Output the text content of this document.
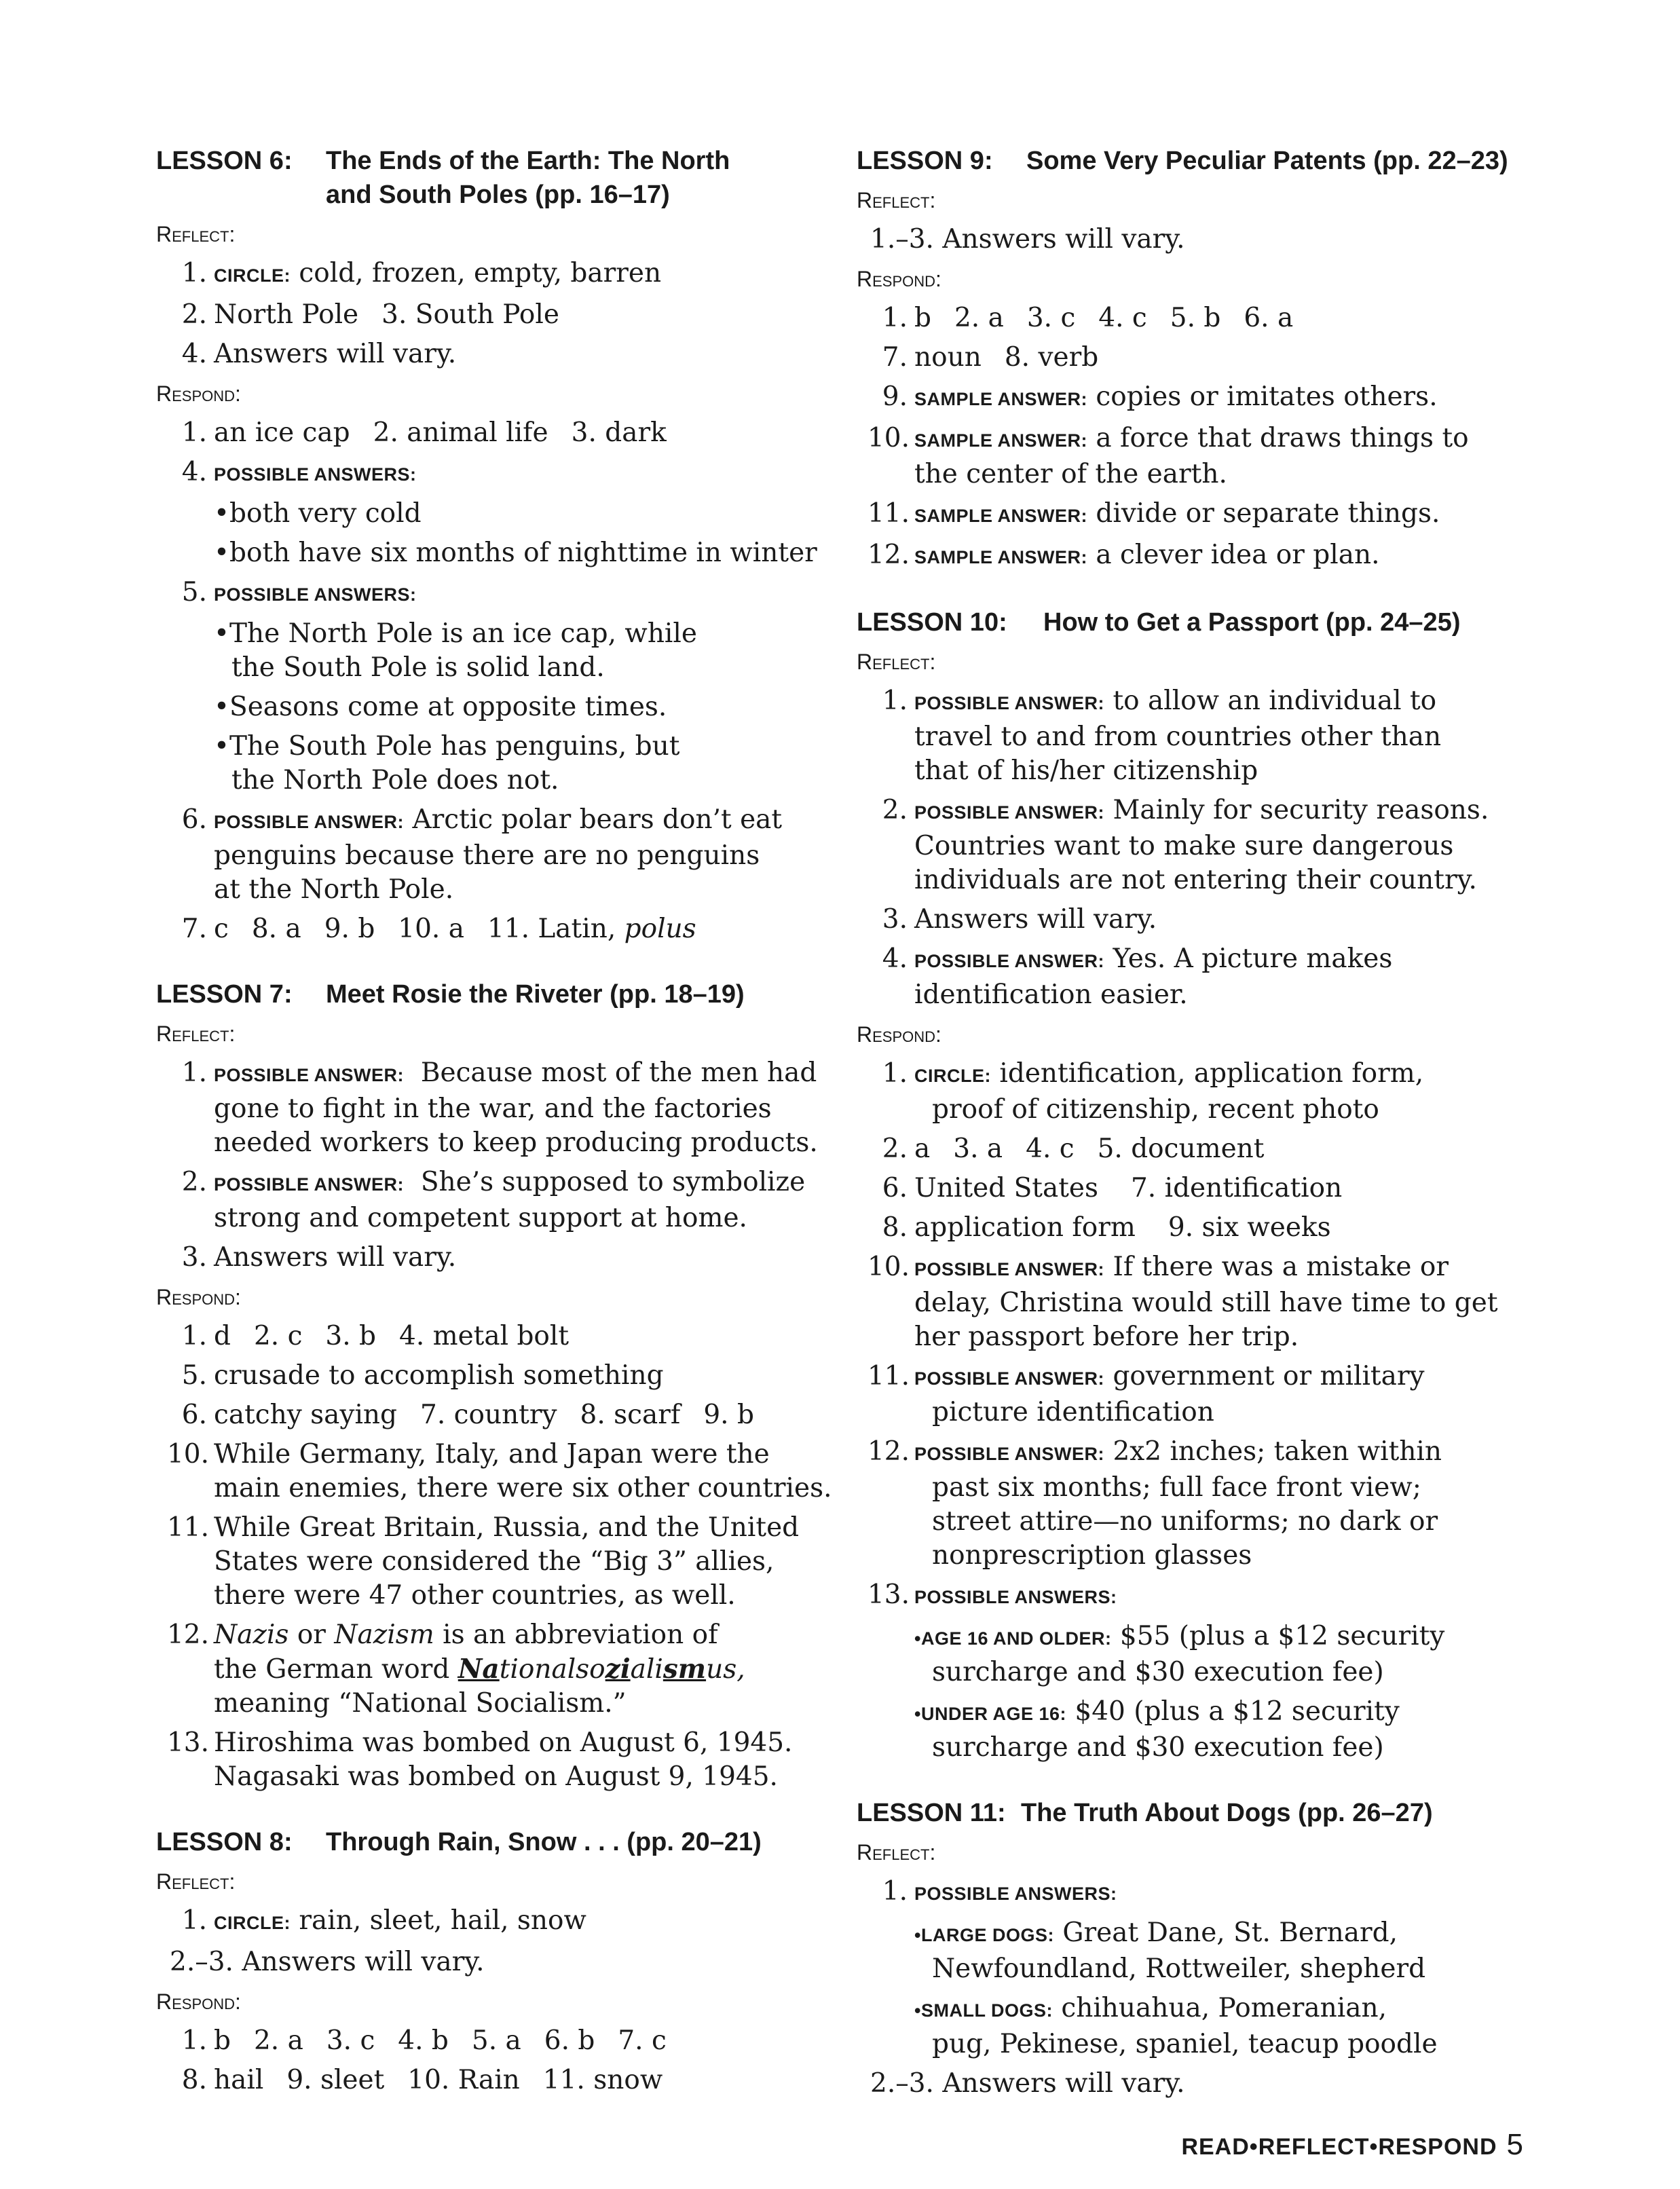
LESSON 6: The Ends of the Earth: The North
and South Poles (pp. 16–17)
Reflect:
1. CIRCLE: cold, frozen, empty, barren
2. North Pole 3. South Pole
4. Answers will vary.
Respond:
1. an ice cap 2. animal life 3. dark
4. POSSIBLE ANSWERS:
•both very cold
•both have six months of nighttime in winter
5. POSSIBLE ANSWERS:
•The North Pole is an ice cap, while
the South Pole is solid land.
•Seasons come at opposite times.
•The South Pole has penguins, but
the North Pole does not.
6. POSSIBLE ANSWER: Arctic polar bears don’t eat
penguins because there are no penguins
at the North Pole.
7. c 8. a 9. b 10. a 11. Latin, polus
LESSON 7: Meet Rosie the Riveter (pp. 18–19)
Reflect:
1. POSSIBLE ANSWER: Because most of the men had
gone to fight in the war, and the factories
needed workers to keep producing products.
2. POSSIBLE ANSWER: She’s supposed to symbolize
strong and competent support at home.
3. Answers will vary.
Respond:
1. d 2. c 3. b 4. metal bolt
5. crusade to accomplish something
6. catchy saying 7. country 8. scarf 9. b
10. While Germany, Italy, and Japan were the
main enemies, there were six other countries.
11. While Great Britain, Russia, and the United
States were considered the “Big 3” allies,
there were 47 other countries, as well.
12. Nazis or Nazism is an abbreviation of
the German word Nationalsozialismus,
meaning “National Socialism.”
13. Hiroshima was bombed on August 6, 1945.
Nagasaki was bombed on August 9, 1945.
LESSON 8: Through Rain, Snow . . . (pp. 20–21)
Reflect:
1. CIRCLE: rain, sleet, hail, snow
2.–3. Answers will vary.
Respond:
1. b 2. a 3. c 4. b 5. a 6. b 7. c
8. hail 9. sleet 10. Rain 11. snow
LESSON 9: Some Very Peculiar Patents (pp. 22–23)
Reflect:
1.–3. Answers will vary.
Respond:
1. b 2. a 3. c 4. c 5. b 6. a
7. noun 8. verb
9. SAMPLE ANSWER: copies or imitates others.
10. SAMPLE ANSWER: a force that draws things to
the center of the earth.
11. SAMPLE ANSWER: divide or separate things.
12. SAMPLE ANSWER: a clever idea or plan.
LESSON 10: How to Get a Passport (pp. 24–25)
Reflect:
1. POSSIBLE ANSWER: to allow an individual to
travel to and from countries other than
that of his/her citizenship
2. POSSIBLE ANSWER: Mainly for security reasons.
Countries want to make sure dangerous
individuals are not entering their country.
3. Answers will vary.
4. POSSIBLE ANSWER: Yes. A picture makes
identification easier.
Respond:
1. CIRCLE: identification, application form,
proof of citizenship, recent photo
2. a 3. a 4. c 5. document
6. United States 7. identification
8. application form 9. six weeks
10. POSSIBLE ANSWER: If there was a mistake or
delay, Christina would still have time to get
her passport before her trip.
11. POSSIBLE ANSWER: government or military
picture identification
12. POSSIBLE ANSWER: 2x2 inches; taken within
past six months; full face front view;
street attire—no uniforms; no dark or
nonprescription glasses
13. POSSIBLE ANSWERS:
•AGE 16 AND OLDER: $55 (plus a $12 security
surcharge and $30 execution fee)
•UNDER AGE 16: $40 (plus a $12 security
surcharge and $30 execution fee)
LESSON 11: The Truth About Dogs (pp. 26–27)
Reflect:
1. POSSIBLE ANSWERS:
•LARGE DOGS: Great Dane, St. Bernard,
Newfoundland, Rottweiler, shepherd
•SMALL DOGS: chihuahua, Pomeranian,
pug, Pekinese, spaniel, teacup poodle
2.–3. Answers will vary.
READ•REFLECT•RESPOND 5
